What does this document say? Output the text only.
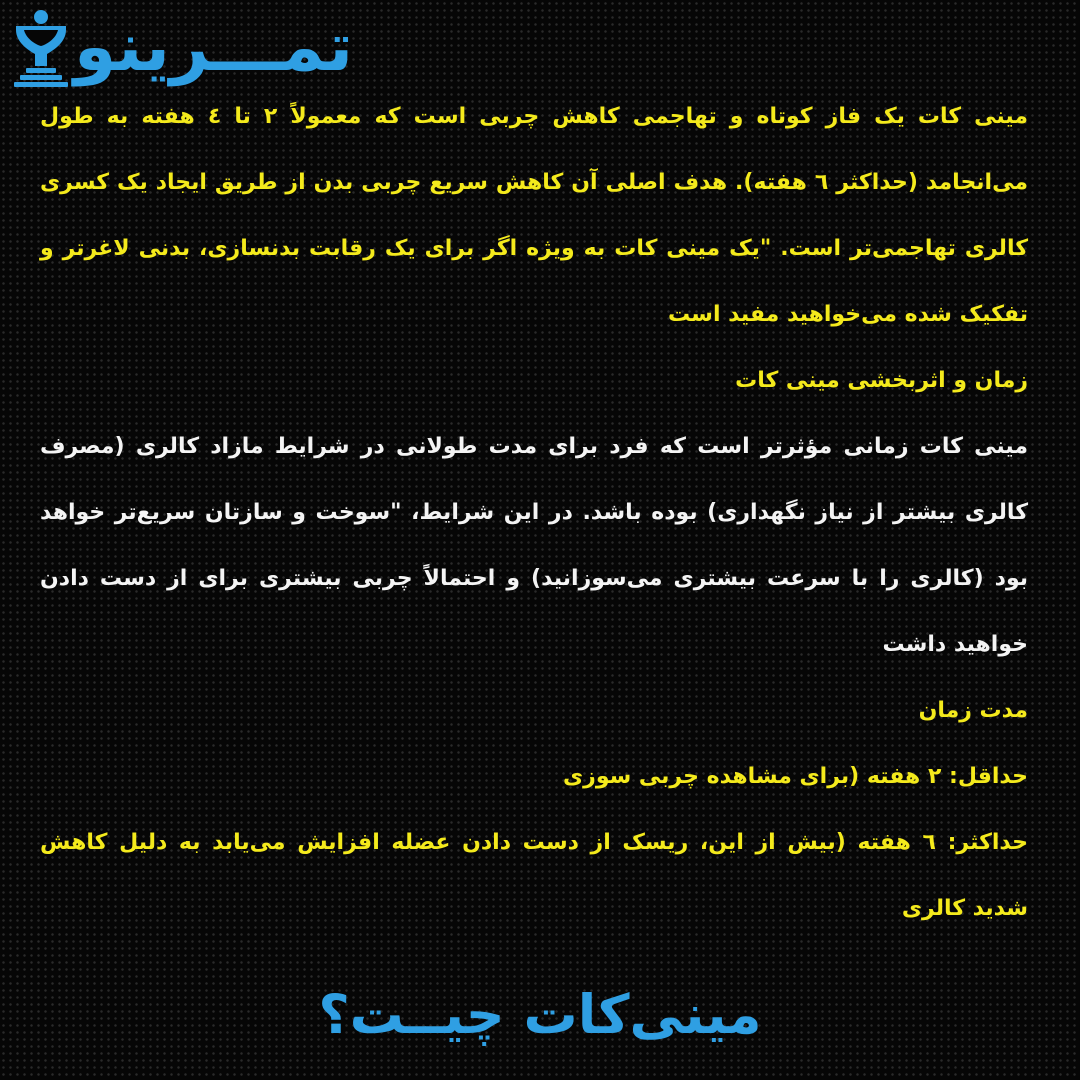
تمـــرینو

مینی کات یک فاز کوتاه و تهاجمی کاهش چربی است که معمولاً ۲ تا ٤ هفته به طول می‌انجامد (حداکثر ٦ هفته). هدف اصلی آن کاهش سریع چربی بدن از طریق ایجاد یک کسری کالری تهاجمی‌تر است. "یک مینی کات به ویژه اگر برای یک رقابت بدنسازی، بدنی لاغرتر و تفکیک شده می‌خواهید مفید است

زمان و اثربخشی مینی کات

مینی کات زمانی مؤثرتر است که فرد برای مدت طولانی در شرایط مازاد کالری (مصرف کالری بیشتر از نیاز نگهداری) بوده باشد. در این شرایط، "سوخت و سازتان سریع‌تر خواهد بود (کالری را با سرعت بیشتری می‌سوزانید) و احتمالاً چربی بیشتری برای از دست دادن خواهید داشت

مدت زمان

حداقل: ۲ هفته (برای مشاهده چربی سوزی

حداکثر: ٦ هفته (بیش از این، ریسک از دست دادن عضله افزایش می‌یابد به دلیل کاهش شدید کالری

مینی‌کات چیــت؟
